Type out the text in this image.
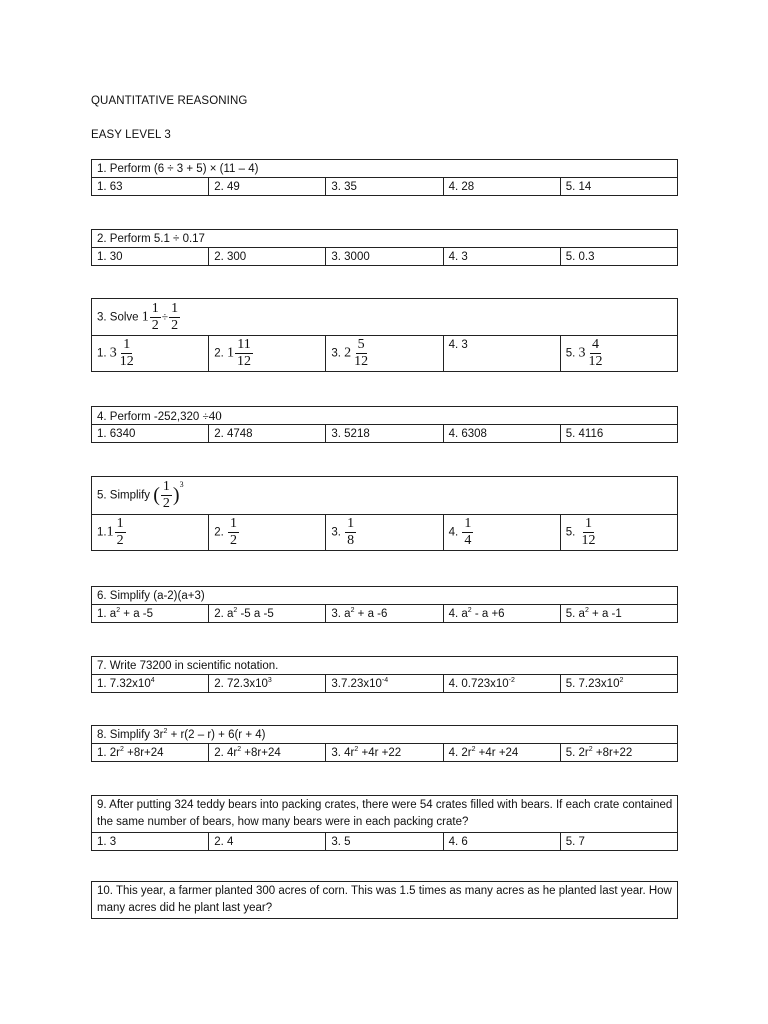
QUANTITATIVE REASONING
EASY LEVEL 3
1. Perform (6 ÷ 3 + 5) × (11 – 4)
1. 63	2. 49	3. 35	4. 28	5. 14
2. Perform 5.1 ÷ 0.17
1. 30	2. 300	3. 3000	4. 3	5. 0.3
3. Solve $1 \frac{1}{2} \div \frac{1}{2}$

1. $3 \frac{1}{12}$	2. $1 \frac{11}{12}$	3. $2 \frac{5}{12}$	4. 3	5. $3 \frac{4}{12}$
4. Perform -252,320 ÷40
1. 6340	2. 4748	3. 5218	4. 6308	5. 4116
5. Simplify ( $\frac{1}{2} )^3$
$1.1 \frac{1}{2}$	2. $\frac{1}{2}$	3. $\frac{1}{8}$	4. $\frac{1}{4}$	5. $\frac{1}{12}$
6. Simplify (a-2)(a+3)
1. $a^2 + a$ -5	2. $a^2$ -5 a -5	3. $a^2 + a$ -6	4. $a^2 - a +6$	5. $a^2 + a$ -1
7. Write 73200 in scientific notation.
1. $7.32x10^4$	2. $72.3x10^3$	$3.7.23x10^{-4}$	4. $0.723x10^{-2}$	5. $7.23x10^2$
8. Simplify $3r^2 + r(2 - r) + 6(r + 4)$
1. $2r^2 +8r+24$	2. $4r^2 +8r+24$	3. $4r^2 +4r +22$	4. $2r^2 +4r +24$	5. $2r^2 +8r+22$
9. After putting 324 teddy bears into packing crates, there were 54 crates filled with bears. If each crate contained the same number of bears, how many bears were in each packing crate?
1. 3	2. 4	3. 5	4. 6	5. 7
10. This year, a farmer planted 300 acres of corn. This was 1.5 times as many acres as he planted last year. How many acres did he plant last year?
